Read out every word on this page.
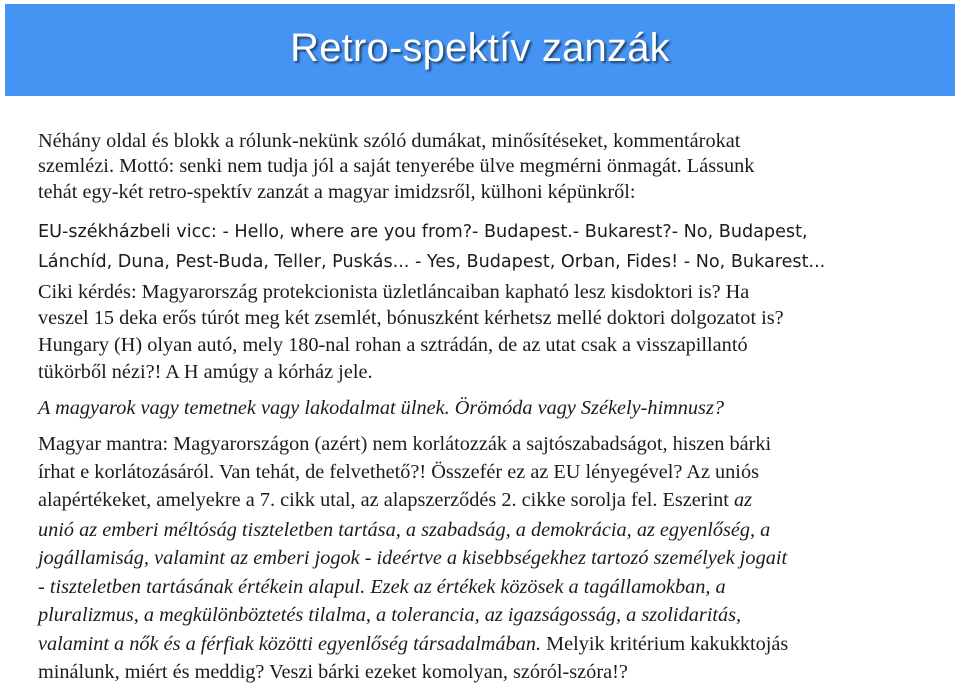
Retro-spektív zanzák
Néhány oldal és blokk a rólunk-nekünk szóló dumákat, minősítéseket, kommentárokat
szemlézi. Mottó: senki nem tudja jól a saját tenyerébe ülve megmérni önmagát. Lássunk
tehát egy-két retro-spektív zanzát a magyar imidzsről, külhoni képünkről:
EU-székházbeli vicc: - Hello, where are you from?- Budapest.- Bukarest?- No, Budapest,
Lánchíd, Duna, Pest-Buda, Teller, Puskás... - Yes, Budapest, Orban, Fides! - No, Bukarest...
Ciki kérdés: Magyarország protekcionista üzletláncaiban kapható lesz kisdoktori is? Ha
veszel 15 deka erős túrót meg két zsemlét, bónuszként kérhetsz mellé doktori dolgozatot is?
Hungary (H) olyan autó, mely 180-nal rohan a sztrádán, de az utat csak a visszapillantó
tükörből nézi?! A H amúgy a kórház jele.
A magyarok vagy temetnek vagy lakodalmat ülnek. Örömóda vagy Székely-himnusz?
Magyar mantra: Magyarországon (azért) nem korlátozzák a sajtószabadságot, hiszen bárki
írhat e korlátozásáról. Van tehát, de felvethető?! Összefér ez az EU lényegével? Az uniós
alapértékeket, amelyekre a 7. cikk utal, az alapszerződés 2. cikke sorolja fel. Eszerint az
unió az emberi méltóság tiszteletben tartása, a szabadság, a demokrácia, az egyenlőség, a
jogállamiság, valamint az emberi jogok - ideértve a kisebbségekhez tartozó személyek jogait
- tiszteletben tartásának értékein alapul. Ezek az értékek közösek a tagállamokban, a
pluralizmus, a megkülönböztetés tilalma, a tolerancia, az igazságosság, a szolidaritás,
valamint a nők és a férfiak közötti egyenlőség társadalmában. Melyik kritérium kakukktojás
minálunk, miért és meddig? Veszi bárki ezeket komolyan, szóról-szóra!?
